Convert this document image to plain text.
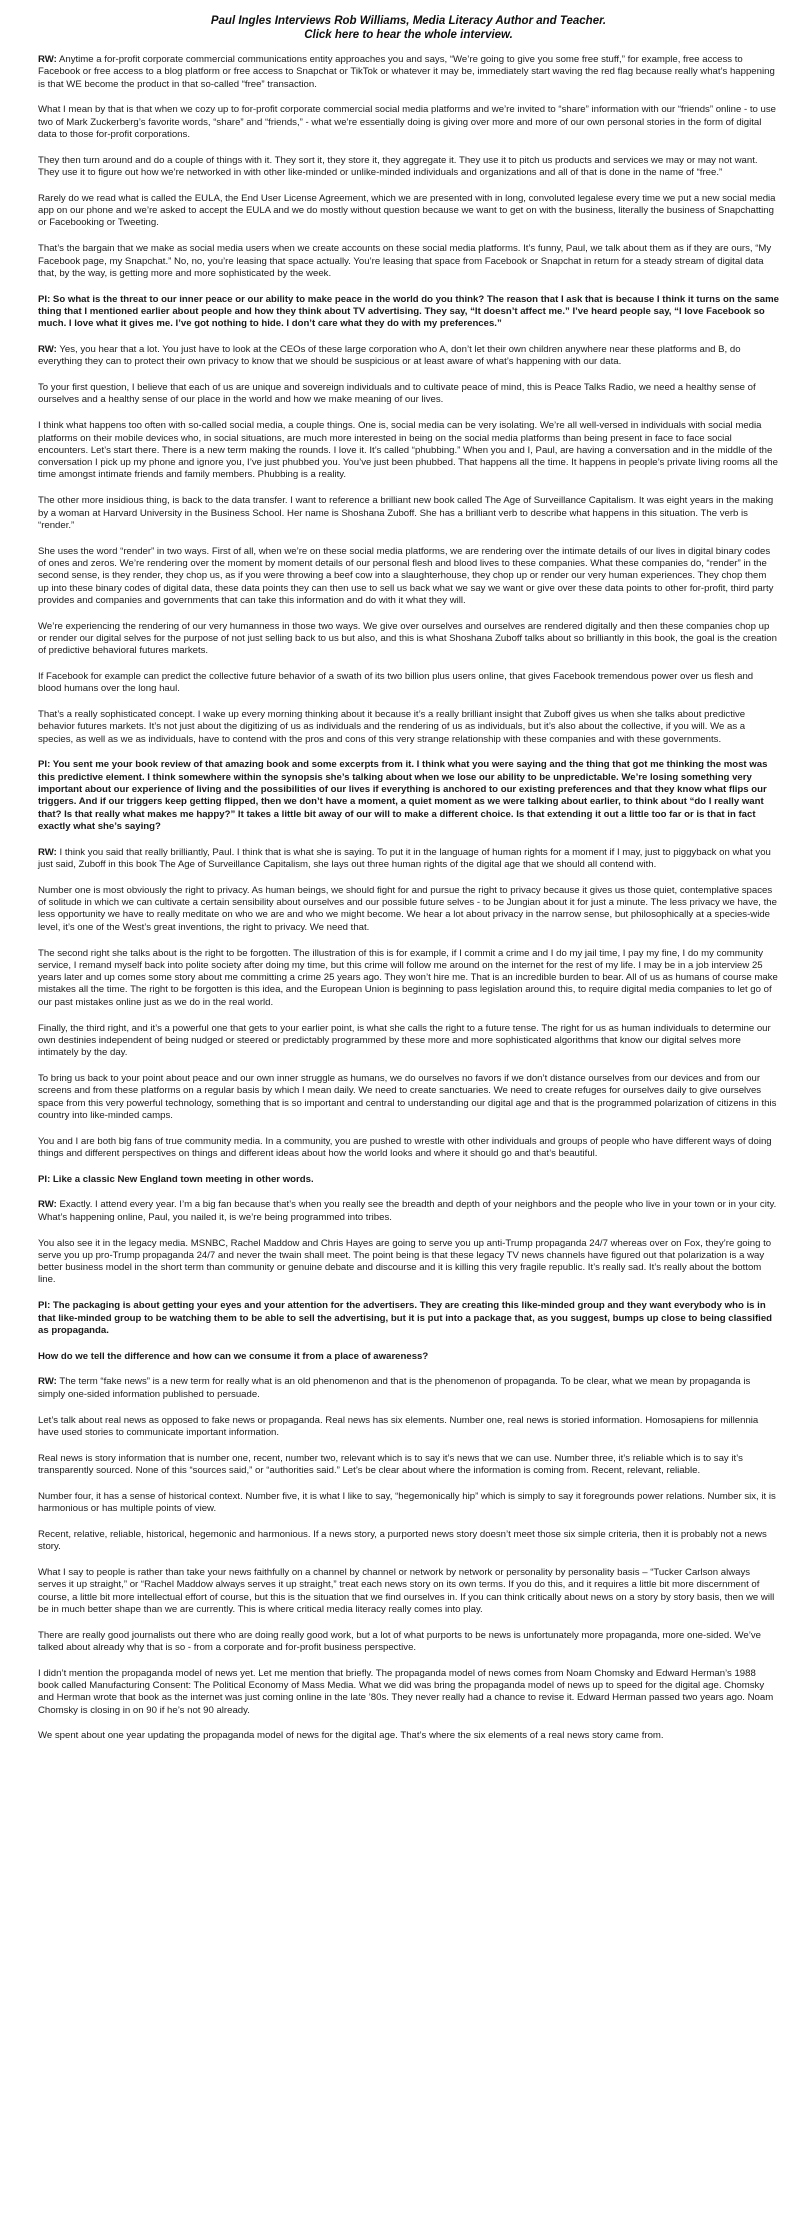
Paul Ingles Interviews Rob Williams, Media Literacy Author and Teacher.
Click here to hear the whole interview.

RW: Anytime a for-profit corporate commercial communications entity approaches you and says, “We’re going to give you some free stuff,” for example, free access to Facebook or free access to a blog platform or free access to Snapchat or TikTok or whatever it may be, immediately start waving the red flag because really what’s happening is that WE become the product in that so-called “free” transaction.

What I mean by that is that when we cozy up to for-profit corporate commercial social media platforms and we’re invited to “share” information with our “friends” online - to use two of Mark Zuckerberg’s favorite words, “share” and “friends,” - what we’re essentially doing is giving over more and more of our own personal stories in the form of digital data to those for-profit corporations.

They then turn around and do a couple of things with it. They sort it, they store it, they aggregate it. They use it to pitch us products and services we may or may not want. They use it to figure out how we’re networked in with other like-minded or unlike-minded individuals and organizations and all of that is done in the name of “free.”

Rarely do we read what is called the EULA, the End User License Agreement, which we are presented with in long, convoluted legalese every time we put a new social media app on our phone and we’re asked to accept the EULA and we do mostly without question because we want to get on with the business, literally the business of Snapchatting or Facebooking or Tweeting.

That’s the bargain that we make as social media users when we create accounts on these social media platforms. It’s funny, Paul, we talk about them as if they are ours, “My Facebook page, my Snapchat.” No, no, you’re leasing that space actually. You’re leasing that space from Facebook or Snapchat in return for a steady stream of digital data that, by the way, is getting more and more sophisticated by the week.

PI: So what is the threat to our inner peace or our ability to make peace in the world do you think? The reason that I ask that is because I think it turns on the same thing that I mentioned earlier about people and how they think about TV advertising. They say, “It doesn’t affect me.” I’ve heard people say, “I love Facebook so much. I love what it gives me. I’ve got nothing to hide. I don’t care what they do with my preferences.”

RW: Yes, you hear that a lot. You just have to look at the CEOs of these large corporation who A, don’t let their own children anywhere near these platforms and B, do everything they can to protect their own privacy to know that we should be suspicious or at least aware of what’s happening with our data.

To your first question, I believe that each of us are unique and sovereign individuals and to cultivate peace of mind, this is Peace Talks Radio, we need a healthy sense of ourselves and a healthy sense of our place in the world and how we make meaning of our lives.

I think what happens too often with so-called social media, a couple things. One is, social media can be very isolating. We’re all well-versed in individuals with social media platforms on their mobile devices who, in social situations, are much more interested in being on the social media platforms than being present in face to face social encounters. Let’s start there. There is a new term making the rounds. I love it. It’s called “phubbing.” When you and I, Paul, are having a conversation and in the middle of the conversation I pick up my phone and ignore you, I’ve just phubbed you. You’ve just been phubbed. That happens all the time. It happens in people’s private living rooms all the time amongst intimate friends and family members. Phubbing is a reality.

The other more insidious thing, is back to the data transfer. I want to reference a brilliant new book called The Age of Surveillance Capitalism. It was eight years in the making by a woman at Harvard University in the Business School. Her name is Shoshana Zuboff. She has a brilliant verb to describe what happens in this situation. The verb is “render.”

She uses the word “render” in two ways. First of all, when we’re on these social media platforms, we are rendering over the intimate details of our lives in digital binary codes of ones and zeros. We’re rendering over the moment by moment details of our personal flesh and blood lives to these companies. What these companies do, “render” in the second sense, is they render, they chop us, as if you were throwing a beef cow into a slaughterhouse, they chop up or render our very human experiences. They chop them up into these binary codes of digital data, these data points they can then use to sell us back what we say we want or give over these data points to other for-profit, third party provides and companies and governments that can take this information and do with it what they will.

We’re experiencing the rendering of our very humanness in those two ways. We give over ourselves and ourselves are rendered digitally and then these companies chop up or render our digital selves for the purpose of not just selling back to us but also, and this is what Shoshana Zuboff talks about so brilliantly in this book, the goal is the creation of predictive behavioral futures markets.

If Facebook for example can predict the collective future behavior of a swath of its two billion plus users online, that gives Facebook tremendous power over us flesh and blood humans over the long haul.

That’s a really sophisticated concept. I wake up every morning thinking about it because it’s a really brilliant insight that Zuboff gives us when she talks about predictive behavior futures markets. It’s not just about the digitizing of us as individuals and the rendering of us as individuals, but it’s also about the collective, if you will. We as a species, as well as we as individuals, have to contend with the pros and cons of this very strange relationship with these companies and with these governments.

PI: You sent me your book review of that amazing book and some excerpts from it. I think what you were saying and the thing that got me thinking the most was this predictive element. I think somewhere within the synopsis she’s talking about when we lose our ability to be unpredictable. We’re losing something very important about our experience of living and the possibilities of our lives if everything is anchored to our existing preferences and that they know what flips our triggers. And if our triggers keep getting flipped, then we don’t have a moment, a quiet moment as we were talking about earlier, to think about “do I really want that? Is that really what makes me happy?” It takes a little bit away of our will to make a different choice. Is that extending it out a little too far or is that in fact exactly what she’s saying?

RW: I think you said that really brilliantly, Paul. I think that is what she is saying. To put it in the language of human rights for a moment if I may, just to piggyback on what you just said, Zuboff in this book The Age of Surveillance Capitalism, she lays out three human rights of the digital age that we should all contend with.

Number one is most obviously the right to privacy. As human beings, we should fight for and pursue the right to privacy because it gives us those quiet, contemplative spaces of solitude in which we can cultivate a certain sensibility about ourselves and our possible future selves - to be Jungian about it for just a minute. The less privacy we have, the less opportunity we have to really meditate on who we are and who we might become. We hear a lot about privacy in the narrow sense, but philosophically at a species-wide level, it’s one of the West’s great inventions, the right to privacy. We need that.

The second right she talks about is the right to be forgotten. The illustration of this is for example, if I commit a crime and I do my jail time, I pay my fine, I do my community service, I remand myself back into polite society after doing my time, but this crime will follow me around on the internet for the rest of my life. I may be in a job interview 25 years later and up comes some story about me committing a crime 25 years ago. They won’t hire me. That is an incredible burden to bear. All of us as humans of course make mistakes all the time. The right to be forgotten is this idea, and the European Union is beginning to pass legislation around this, to require digital media companies to let go of our past mistakes online just as we do in the real world.

Finally, the third right, and it’s a powerful one that gets to your earlier point, is what she calls the right to a future tense. The right for us as human individuals to determine our own destinies independent of being nudged or steered or predictably programmed by these more and more sophisticated algorithms that know our digital selves more intimately by the day.

To bring us back to your point about peace and our own inner struggle as humans, we do ourselves no favors if we don’t distance ourselves from our devices and from our screens and from these platforms on a regular basis by which I mean daily. We need to create sanctuaries. We need to create refuges for ourselves daily to give ourselves space from this very powerful technology, something that is so important and central to understanding our digital age and that is the programmed polarization of citizens in this country into like-minded camps.

You and I are both big fans of true community media. In a community, you are pushed to wrestle with other individuals and groups of people who have different ways of doing things and different perspectives on things and different ideas about how the world looks and where it should go and that’s beautiful.

PI: Like a classic New England town meeting in other words.

RW: Exactly. I attend every year. I’m a big fan because that’s when you really see the breadth and depth of your neighbors and the people who live in your town or in your city. What’s happening online, Paul, you nailed it, is we’re being programmed into tribes.

You also see it in the legacy media. MSNBC, Rachel Maddow and Chris Hayes are going to serve you up anti-Trump propaganda 24/7 whereas over on Fox, they’re going to serve you up pro-Trump propaganda 24/7 and never the twain shall meet. The point being is that these legacy TV news channels have figured out that polarization is a way better business model in the short term than community or genuine debate and discourse and it is killing this very fragile republic. It’s really sad. It’s really about the bottom line.

PI: The packaging is about getting your eyes and your attention for the advertisers. They are creating this like-minded group and they want everybody who is in that like-minded group to be watching them to be able to sell the advertising, but it is put into a package that, as you suggest, bumps up close to being classified as propaganda.

How do we tell the difference and how can we consume it from a place of awareness?

RW: The term “fake news” is a new term for really what is an old phenomenon and that is the phenomenon of propaganda. To be clear, what we mean by propaganda is simply one-sided information published to persuade.

Let’s talk about real news as opposed to fake news or propaganda. Real news has six elements. Number one, real news is storied information. Homosapiens for millennia have used stories to communicate important information.

Real news is story information that is number one, recent, number two, relevant which is to say it’s news that we can use. Number three, it’s reliable which is to say it’s transparently sourced. None of this “sources said,” or “authorities said.” Let’s be clear about where the information is coming from. Recent, relevant, reliable.

Number four, it has a sense of historical context. Number five, it is what I like to say, “hegemonically hip” which is simply to say it foregrounds power relations. Number six, it is harmonious or has multiple points of view.

Recent, relative, reliable, historical, hegemonic and harmonious. If a news story, a purported news story doesn’t meet those six simple criteria, then it is probably not a news story.

What I say to people is rather than take your news faithfully on a channel by channel or network by network or personality by personality basis – “Tucker Carlson always serves it up straight,” or “Rachel Maddow always serves it up straight,” treat each news story on its own terms. If you do this, and it requires a little bit more discernment of course, a little bit more intellectual effort of course, but this is the situation that we find ourselves in. If you can think critically about news on a story by story basis, then we will be in much better shape than we are currently. This is where critical media literacy really comes into play.

There are really good journalists out there who are doing really good work, but a lot of what purports to be news is unfortunately more propaganda, more one-sided. We’ve talked about already why that is so - from a corporate and for-profit business perspective.

I didn’t mention the propaganda model of news yet. Let me mention that briefly. The propaganda model of news comes from Noam Chomsky and Edward Herman’s 1988 book called Manufacturing Consent: The Political Economy of Mass Media. What we did was bring the propaganda model of news up to speed for the digital age. Chomsky and Herman wrote that book as the internet was just coming online in the late ’80s. They never really had a chance to revise it. Edward Herman passed two years ago. Noam Chomsky is closing in on 90 if he’s not 90 already.

We spent about one year updating the propaganda model of news for the digital age. That’s where the six elements of a real news story came from.
